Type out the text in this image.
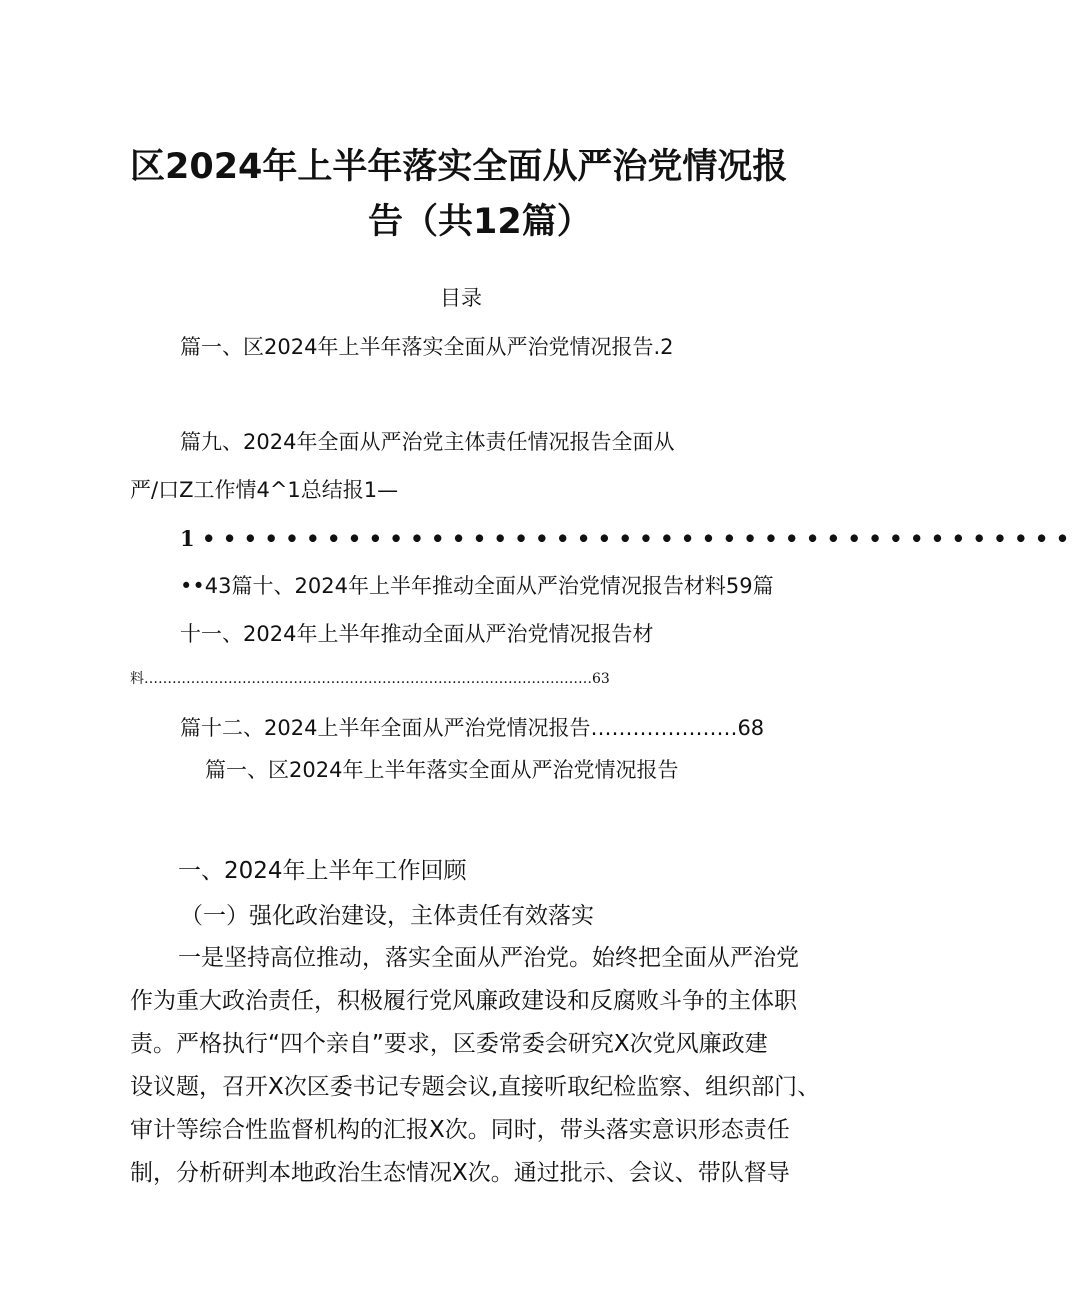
区2024年上半年落实全面从严治党情况报
告（共12篇）
目录
篇一、区2024年上半年落实全面从严治党情况报告.2
篇九、2024年全面从严治党主体责任情况报告全面从
严/口Z工作情4^1总结报1—
1••••••••••••••••••••••••••••••••••••••••••
••43篇十、2024年上半年推动全面从严治党情况报告材料59篇
十一、2024年上半年推动全面从严治党情况报告材
料……………………………………………………………………………………63
篇十二、2024上半年全面从严治党情况报告…………………68
篇一、区2024年上半年落实全面从严治党情况报告
一、2024年上半年工作回顾
（一）强化政治建设，主体责任有效落实
一是坚持高位推动，落实全面从严治党。始终把全面从严治党
作为重大政治责任，积极履行党风廉政建设和反腐败斗争的主体职
责。严格执行“四个亲自”要求，区委常委会研究X次党风廉政建
设议题，召开X次区委书记专题会议,直接听取纪检监察、组织部门、
审计等综合性监督机构的汇报X次。同时，带头落实意识形态责任
制，分析研判本地政治生态情况X次。通过批示、会议、带队督导
